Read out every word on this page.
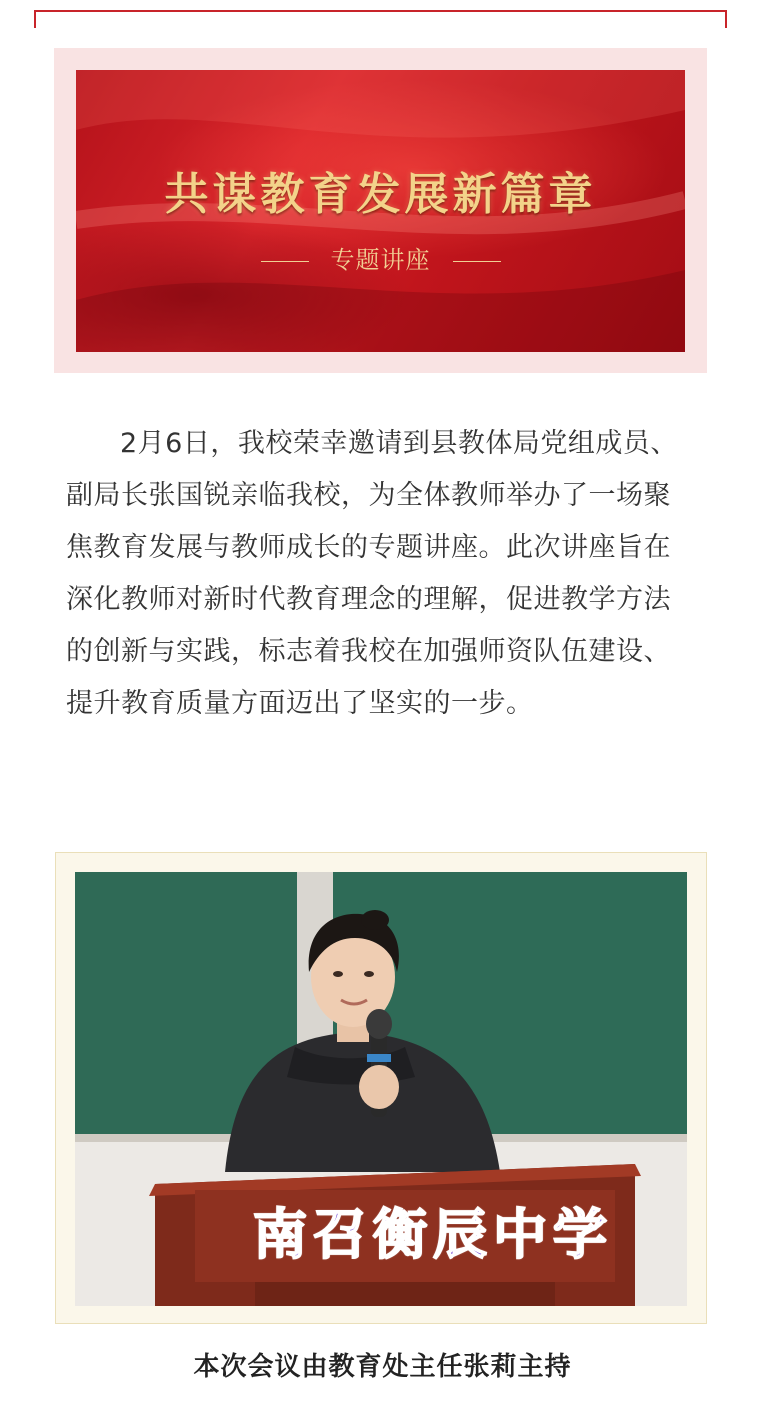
共谋教育发展新篇章
专题讲座

2月6日，我校荣幸邀请到县教体局党组成员、副局长张国锐亲临我校，为全体教师举办了一场聚焦教育发展与教师成长的专题讲座。此次讲座旨在深化教师对新时代教育理念的理解，促进教学方法的创新与实践，标志着我校在加强师资队伍建设、提升教育质量方面迈出了坚实的一步。

南召衡辰中学
本次会议由教育处主任张莉主持
